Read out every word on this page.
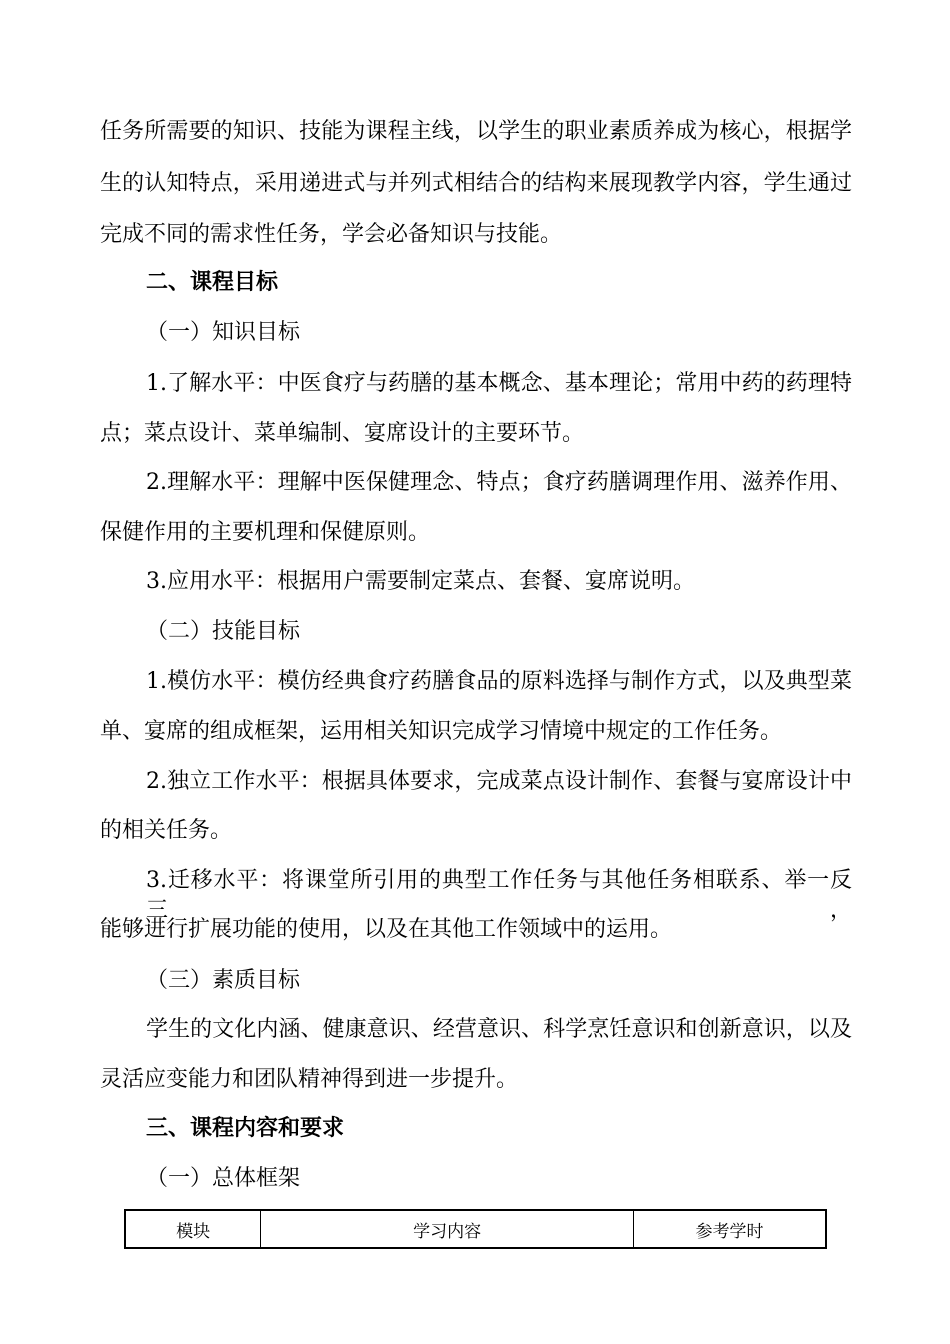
任务所需要的知识、技能为课程主线，以学生的职业素质养成为核心，根据学
生的认知特点，采用递进式与并列式相结合的结构来展现教学内容，学生通过
完成不同的需求性任务，学会必备知识与技能。
二、课程目标
（一）知识目标
1.了解水平：中医食疗与药膳的基本概念、基本理论；常用中药的药理特
点；菜点设计、菜单编制、宴席设计的主要环节。
2.理解水平：理解中医保健理念、特点；食疗药膳调理作用、滋养作用、
保健作用的主要机理和保健原则。
3.应用水平：根据用户需要制定菜点、套餐、宴席说明。
（二）技能目标
1.模仿水平：模仿经典食疗药膳食品的原料选择与制作方式，以及典型菜
单、宴席的组成框架，运用相关知识完成学习情境中规定的工作任务。
2.独立工作水平：根据具体要求，完成菜点设计制作、套餐与宴席设计中
的相关任务。
3.迁移水平：将课堂所引用的典型工作任务与其他任务相联系、举一反三，
能够进行扩展功能的使用，以及在其他工作领域中的运用。
（三）素质目标
学生的文化内涵、健康意识、经营意识、科学烹饪意识和创新意识，以及
灵活应变能力和团队精神得到进一步提升。
三、课程内容和要求
（一）总体框架
模块	学习内容	参考学时
